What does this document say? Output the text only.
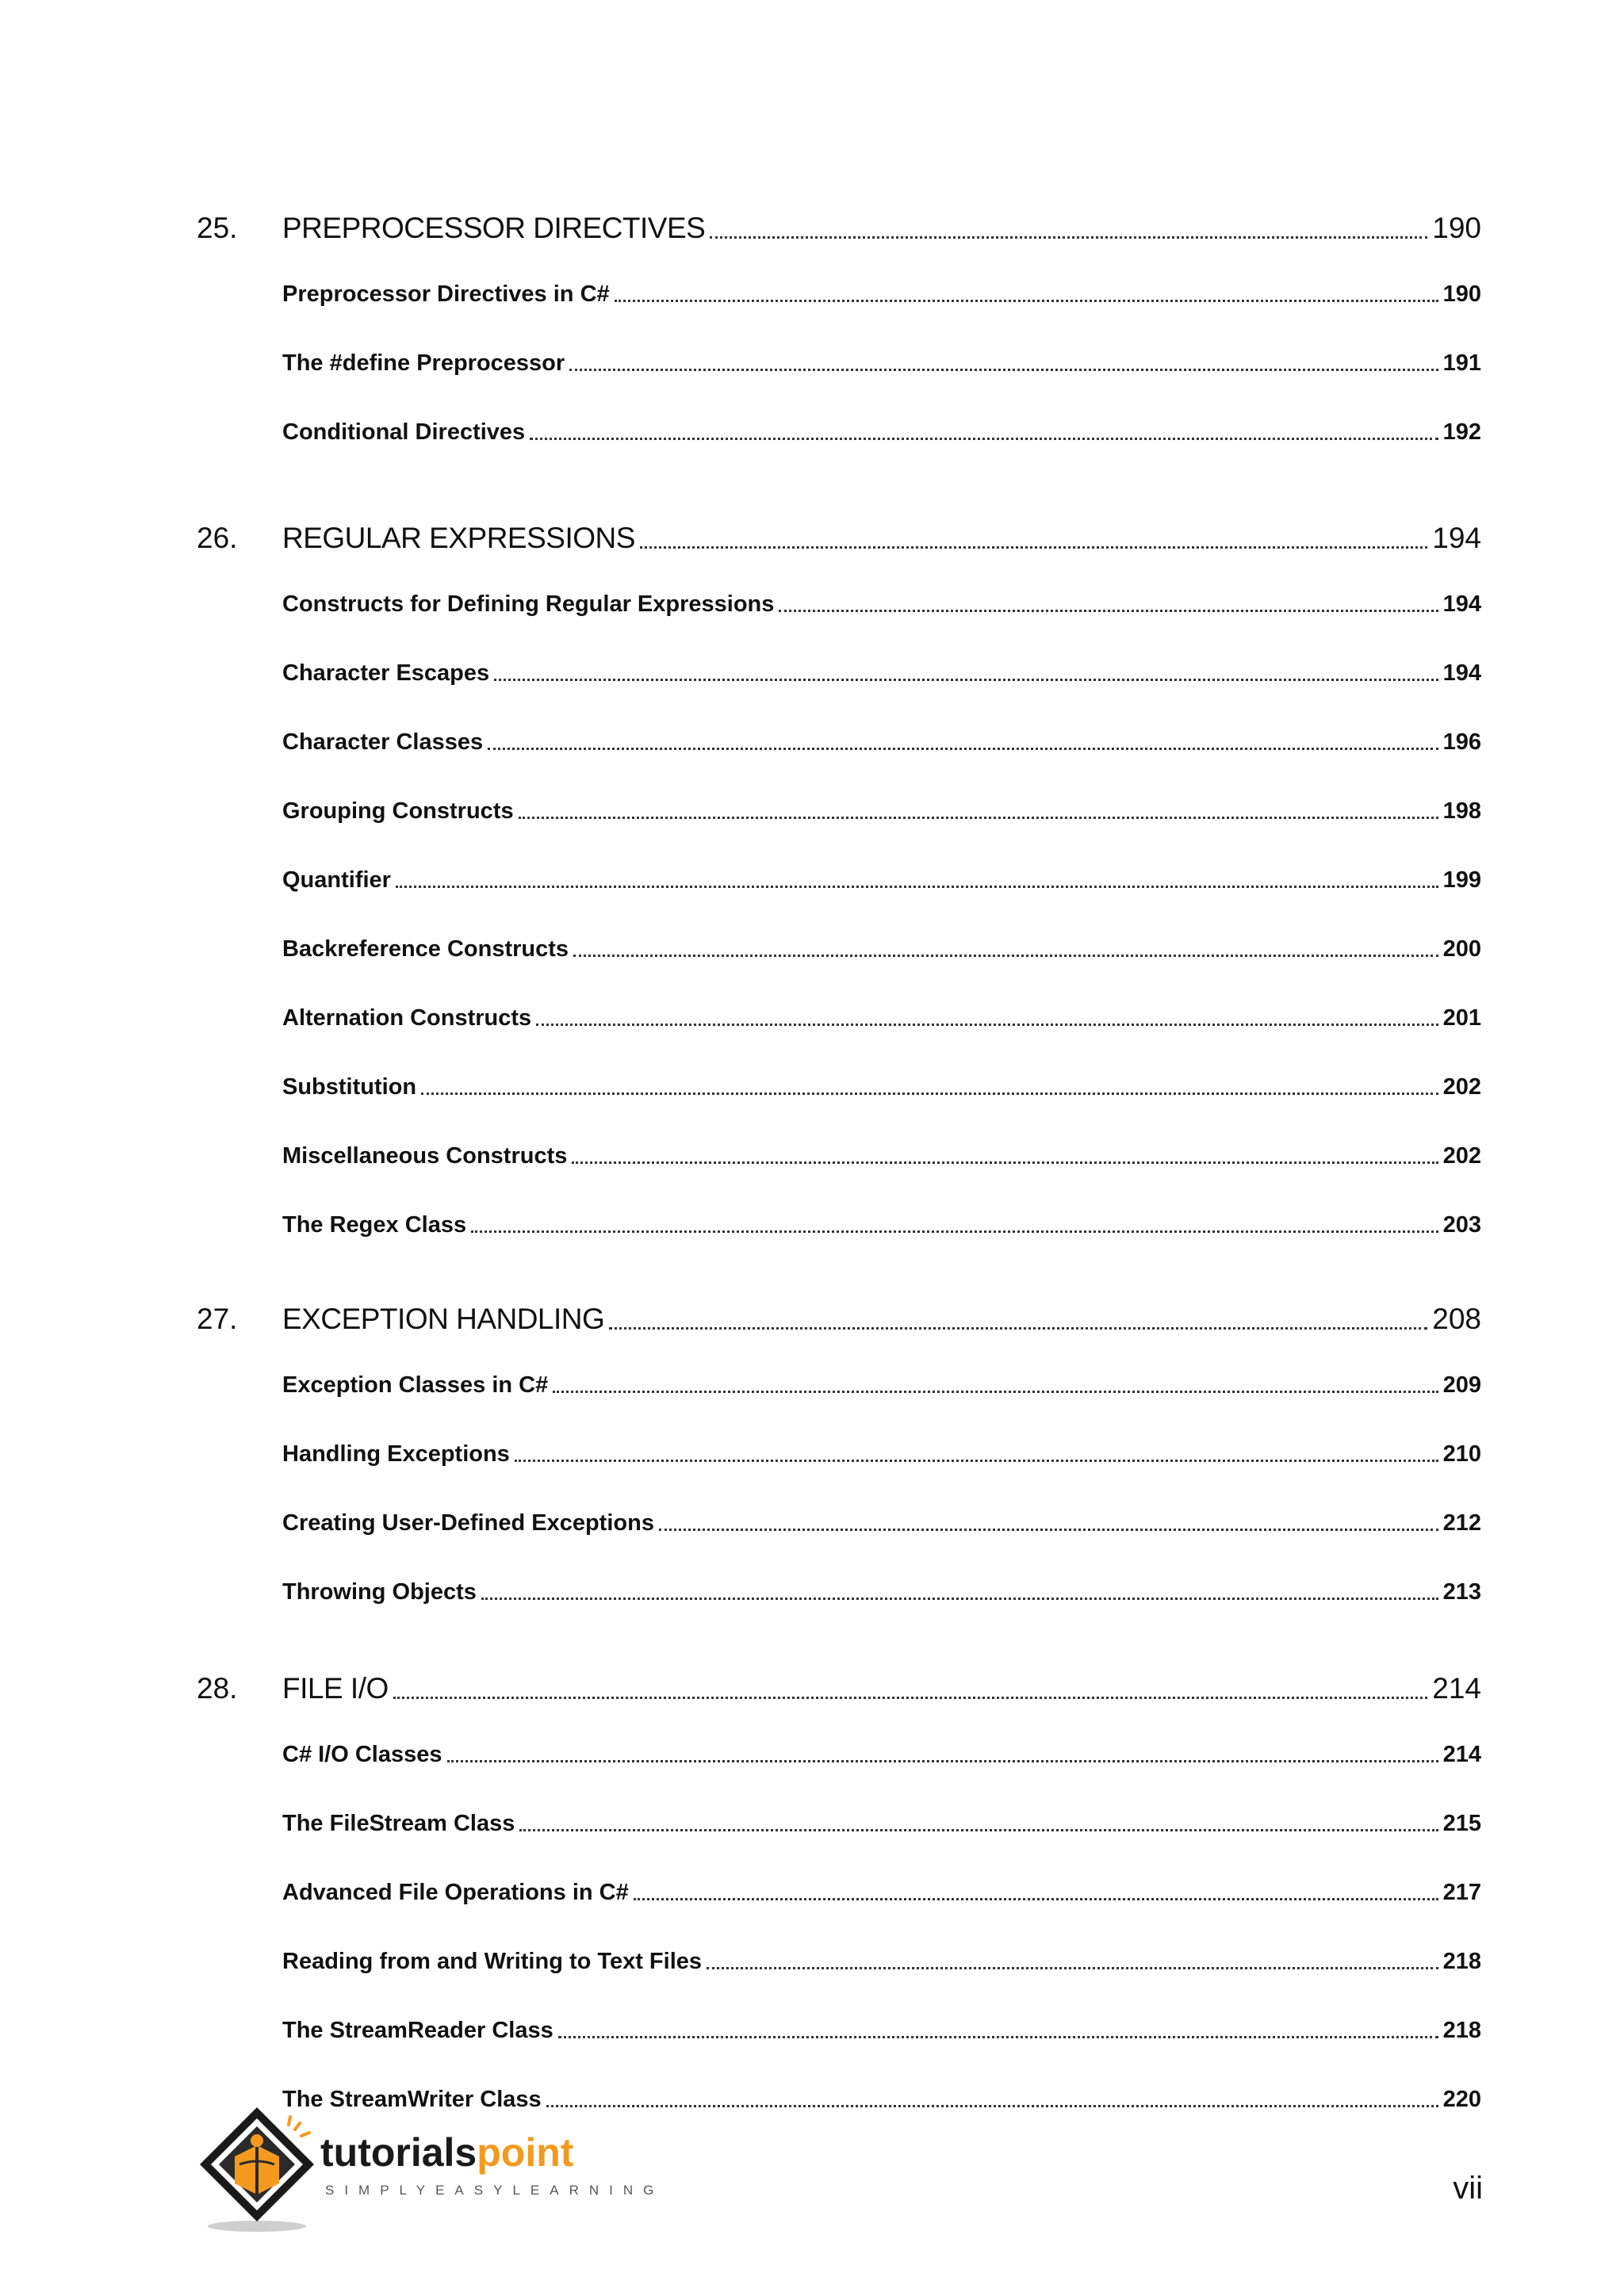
25.	PREPROCESSOR DIRECTIVES	190
Preprocessor Directives in C#	190
The #define Preprocessor	191
Conditional Directives	192
26.	REGULAR EXPRESSIONS	194
Constructs for Defining Regular Expressions	194
Character Escapes	194
Character Classes	196
Grouping Constructs	198
Quantifier	199
Backreference Constructs	200
Alternation Constructs	201
Substitution	202
Miscellaneous Constructs	202
The Regex Class	203
27.	EXCEPTION HANDLING	208
Exception Classes in C#	209
Handling Exceptions	210
Creating User-Defined Exceptions	212
Throwing Objects	213
28.	FILE I/O	214
C# I/O Classes	214
The FileStream Class	215
Advanced File Operations in C#	217
Reading from and Writing to Text Files	218
The StreamReader Class	218
The StreamWriter Class	220
tutorialspoint
SIMPLYEASYLEARNING	vii
